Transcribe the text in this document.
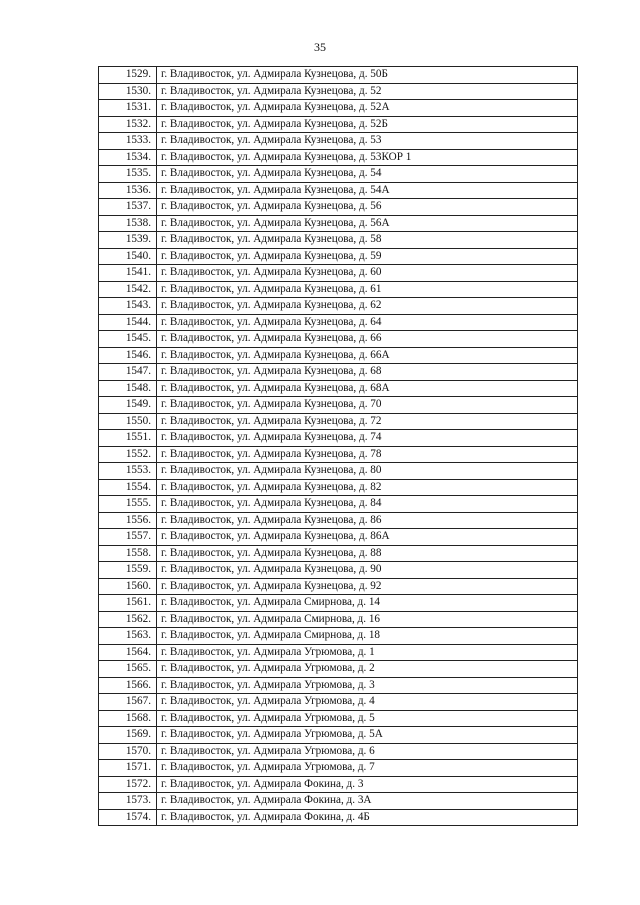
35
1529.	г. Владивосток, ул. Адмирала Кузнецова, д. 50Б
1530.	г. Владивосток, ул. Адмирала Кузнецова, д. 52
1531.	г. Владивосток, ул. Адмирала Кузнецова, д. 52А
1532.	г. Владивосток, ул. Адмирала Кузнецова, д. 52Б
1533.	г. Владивосток, ул. Адмирала Кузнецова, д. 53
1534.	г. Владивосток, ул. Адмирала Кузнецова, д. 53КОР 1
1535.	г. Владивосток, ул. Адмирала Кузнецова, д. 54
1536.	г. Владивосток, ул. Адмирала Кузнецова, д. 54А
1537.	г. Владивосток, ул. Адмирала Кузнецова, д. 56
1538.	г. Владивосток, ул. Адмирала Кузнецова, д. 56А
1539.	г. Владивосток, ул. Адмирала Кузнецова, д. 58
1540.	г. Владивосток, ул. Адмирала Кузнецова, д. 59
1541.	г. Владивосток, ул. Адмирала Кузнецова, д. 60
1542.	г. Владивосток, ул. Адмирала Кузнецова, д. 61
1543.	г. Владивосток, ул. Адмирала Кузнецова, д. 62
1544.	г. Владивосток, ул. Адмирала Кузнецова, д. 64
1545.	г. Владивосток, ул. Адмирала Кузнецова, д. 66
1546.	г. Владивосток, ул. Адмирала Кузнецова, д. 66А
1547.	г. Владивосток, ул. Адмирала Кузнецова, д. 68
1548.	г. Владивосток, ул. Адмирала Кузнецова, д. 68А
1549.	г. Владивосток, ул. Адмирала Кузнецова, д. 70
1550.	г. Владивосток, ул. Адмирала Кузнецова, д. 72
1551.	г. Владивосток, ул. Адмирала Кузнецова, д. 74
1552.	г. Владивосток, ул. Адмирала Кузнецова, д. 78
1553.	г. Владивосток, ул. Адмирала Кузнецова, д. 80
1554.	г. Владивосток, ул. Адмирала Кузнецова, д. 82
1555.	г. Владивосток, ул. Адмирала Кузнецова, д. 84
1556.	г. Владивосток, ул. Адмирала Кузнецова, д. 86
1557.	г. Владивосток, ул. Адмирала Кузнецова, д. 86А
1558.	г. Владивосток, ул. Адмирала Кузнецова, д. 88
1559.	г. Владивосток, ул. Адмирала Кузнецова, д. 90
1560.	г. Владивосток, ул. Адмирала Кузнецова, д. 92
1561.	г. Владивосток, ул. Адмирала Смирнова, д. 14
1562.	г. Владивосток, ул. Адмирала Смирнова, д. 16
1563.	г. Владивосток, ул. Адмирала Смирнова, д. 18
1564.	г. Владивосток, ул. Адмирала Угрюмова, д. 1
1565.	г. Владивосток, ул. Адмирала Угрюмова, д. 2
1566.	г. Владивосток, ул. Адмирала Угрюмова, д. 3
1567.	г. Владивосток, ул. Адмирала Угрюмова, д. 4
1568.	г. Владивосток, ул. Адмирала Угрюмова, д. 5
1569.	г. Владивосток, ул. Адмирала Угрюмова, д. 5А
1570.	г. Владивосток, ул. Адмирала Угрюмова, д. 6
1571.	г. Владивосток, ул. Адмирала Угрюмова, д. 7
1572.	г. Владивосток, ул. Адмирала Фокина, д. 3
1573.	г. Владивосток, ул. Адмирала Фокина, д. 3А
1574.	г. Владивосток, ул. Адмирала Фокина, д. 4Б
